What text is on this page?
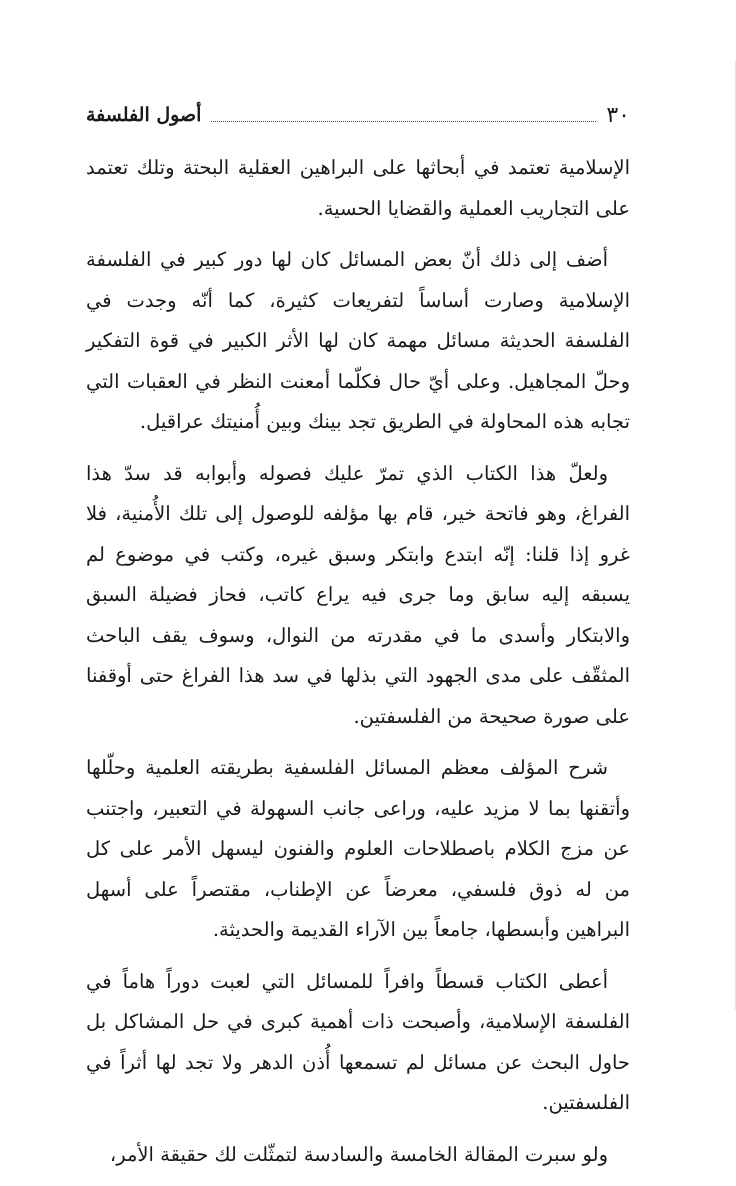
٣٠
أصول الفلسفة

الإسلامية تعتمد في أبحاثها على البراهين العقلية البحتة وتلك تعتمد على التجاريب العملية والقضايا الحسية.

أضف إلى ذلك أنّ بعض المسائل كان لها دور كبير في الفلسفة الإسلامية وصارت أساساً لتفريعات كثيرة، كما أنّه وجدت في الفلسفة الحديثة مسائل مهمة كان لها الأثر الكبير في قوة التفكير وحلّ المجاهيل. وعلى أيّ حال فكلّما أمعنت النظر في العقبات التي تجابه هذه المحاولة في الطريق تجد بينك وبين أُمنيتك عراقيل.

ولعلّ هذا الكتاب الذي تمرّ عليك فصوله وأبوابه قد سدّ هذا الفراغ، وهو فاتحة خير، قام بها مؤلفه للوصول إلى تلك الأُمنية، فلا غرو إذا قلنا: إنّه ابتدع وابتكر وسبق غيره، وكتب في موضوع لم يسبقه إليه سابق وما جرى فيه يراع كاتب، فحاز فضيلة السبق والابتكار وأسدى ما في مقدرته من النوال، وسوف يقف الباحث المثقّف على مدى الجهود التي بذلها في سد هذا الفراغ حتى أوقفنا على صورة صحيحة من الفلسفتين.

شرح المؤلف معظم المسائل الفلسفية بطريقته العلمية وحلّلها وأتقنها بما لا مزيد عليه، وراعى جانب السهولة في التعبير، واجتنب عن مزج الكلام باصطلاحات العلوم والفنون ليسهل الأمر على كل من له ذوق فلسفي، معرضاً عن الإطناب، مقتصراً على أسهل البراهين وأبسطها، جامعاً بين الآراء القديمة والحديثة.

أعطى الكتاب قسطاً وافراً للمسائل التي لعبت دوراً هاماً في الفلسفة الإسلامية، وأصبحت ذات أهمية كبرى في حل المشاكل بل حاول البحث عن مسائل لم تسمعها أُذن الدهر ولا تجد لها أثراً في الفلسفتين.

ولو سبرت المقالة الخامسة والسادسة لتمثّلت لك حقيقة الأمر،
